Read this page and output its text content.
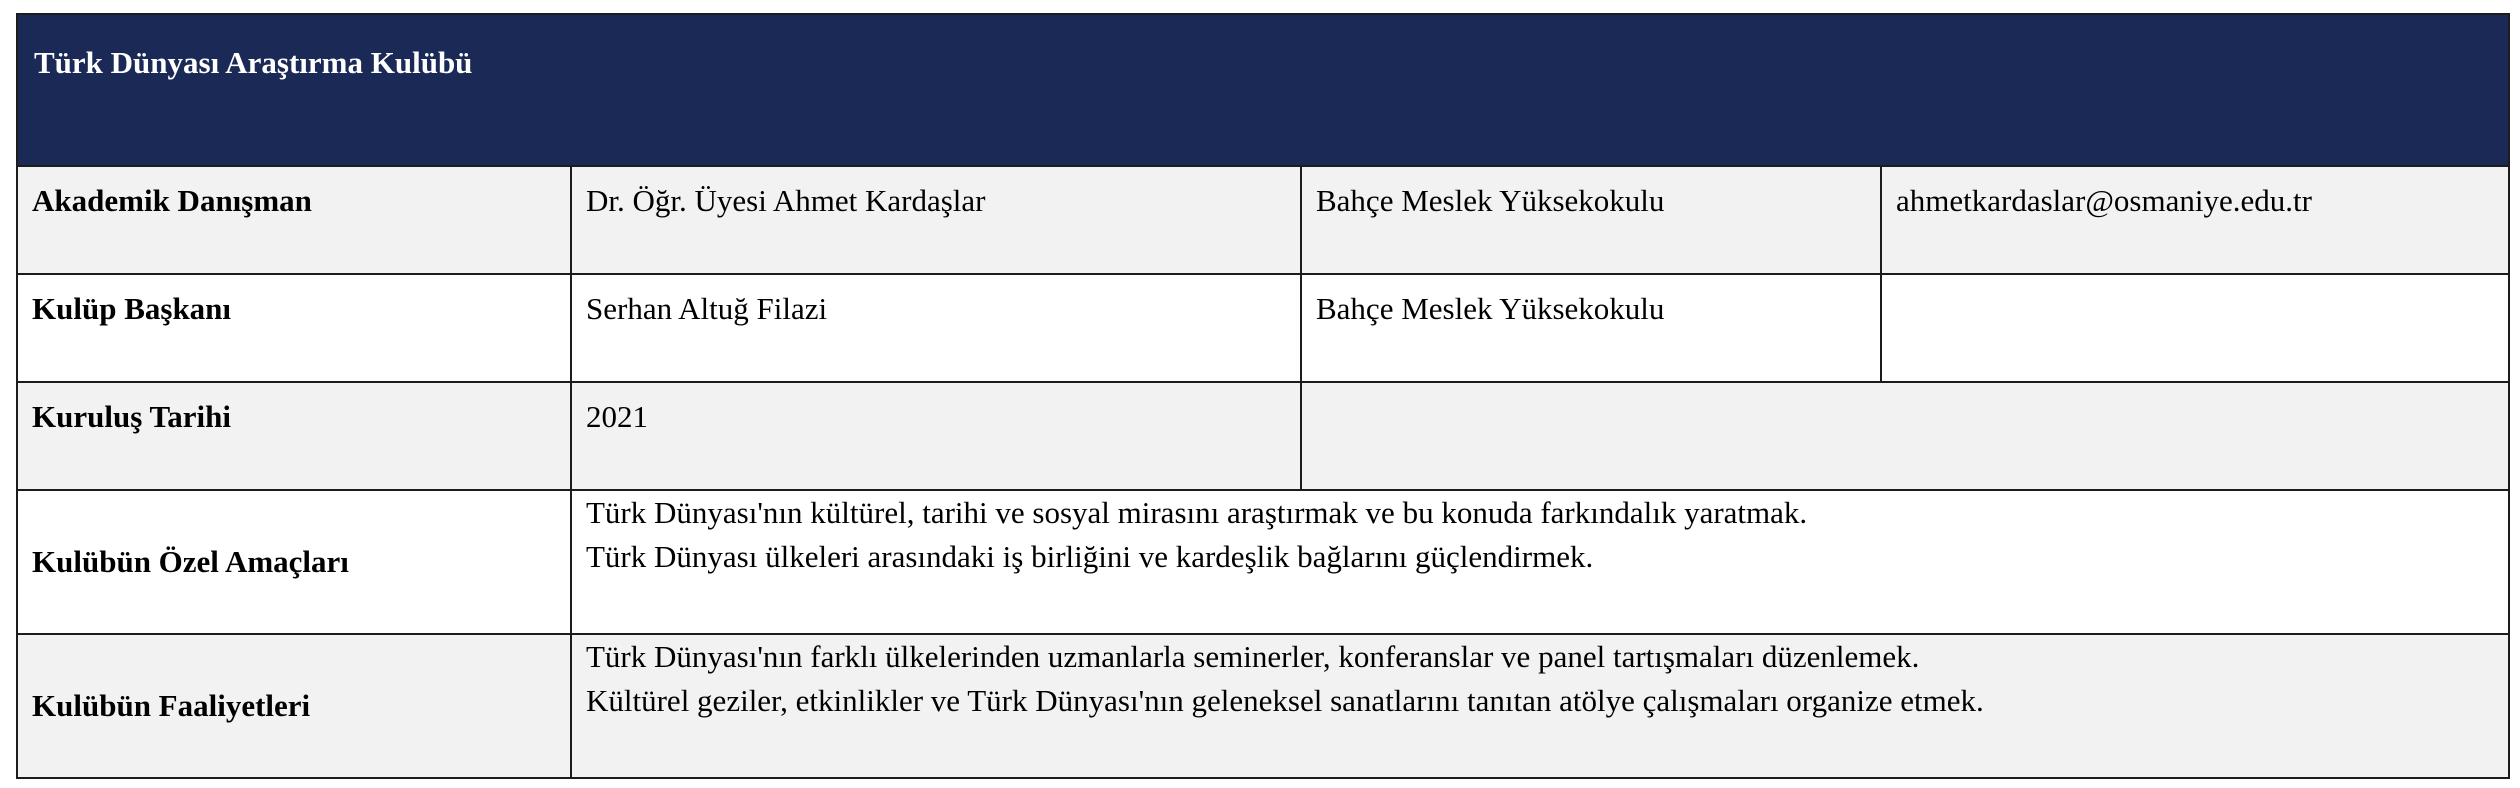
Türk Dünyası Araştırma Kulübü			
Akademik Danışman	Dr. Öğr. Üyesi Ahmet Kardaşlar	Bahçe Meslek Yüksekokulu	ahmetkardaslar@osmaniye.edu.tr
Kulüp Başkanı	Serhan Altuğ Filazi	Bahçe Meslek Yüksekokulu	
Kuruluş Tarihi	2021		
Kulübün Özel Amaçları	Türk Dünyası'nın kültürel, tarihi ve sosyal mirasını araştırmak ve bu konuda farkındalık yaratmak.
Türk Dünyası ülkeleri arasındaki iş birliğini ve kardeşlik bağlarını güçlendirmek.		

Kulübün Faaliyetleri	Türk Dünyası'nın farklı ülkelerinden uzmanlarla seminerler, konferanslar ve panel tartışmaları düzenlemek.
Kültürel geziler, etkinlikler ve Türk Dünyası'nın geleneksel sanatlarını tanıtan atölye çalışmaları organize etmek.		
